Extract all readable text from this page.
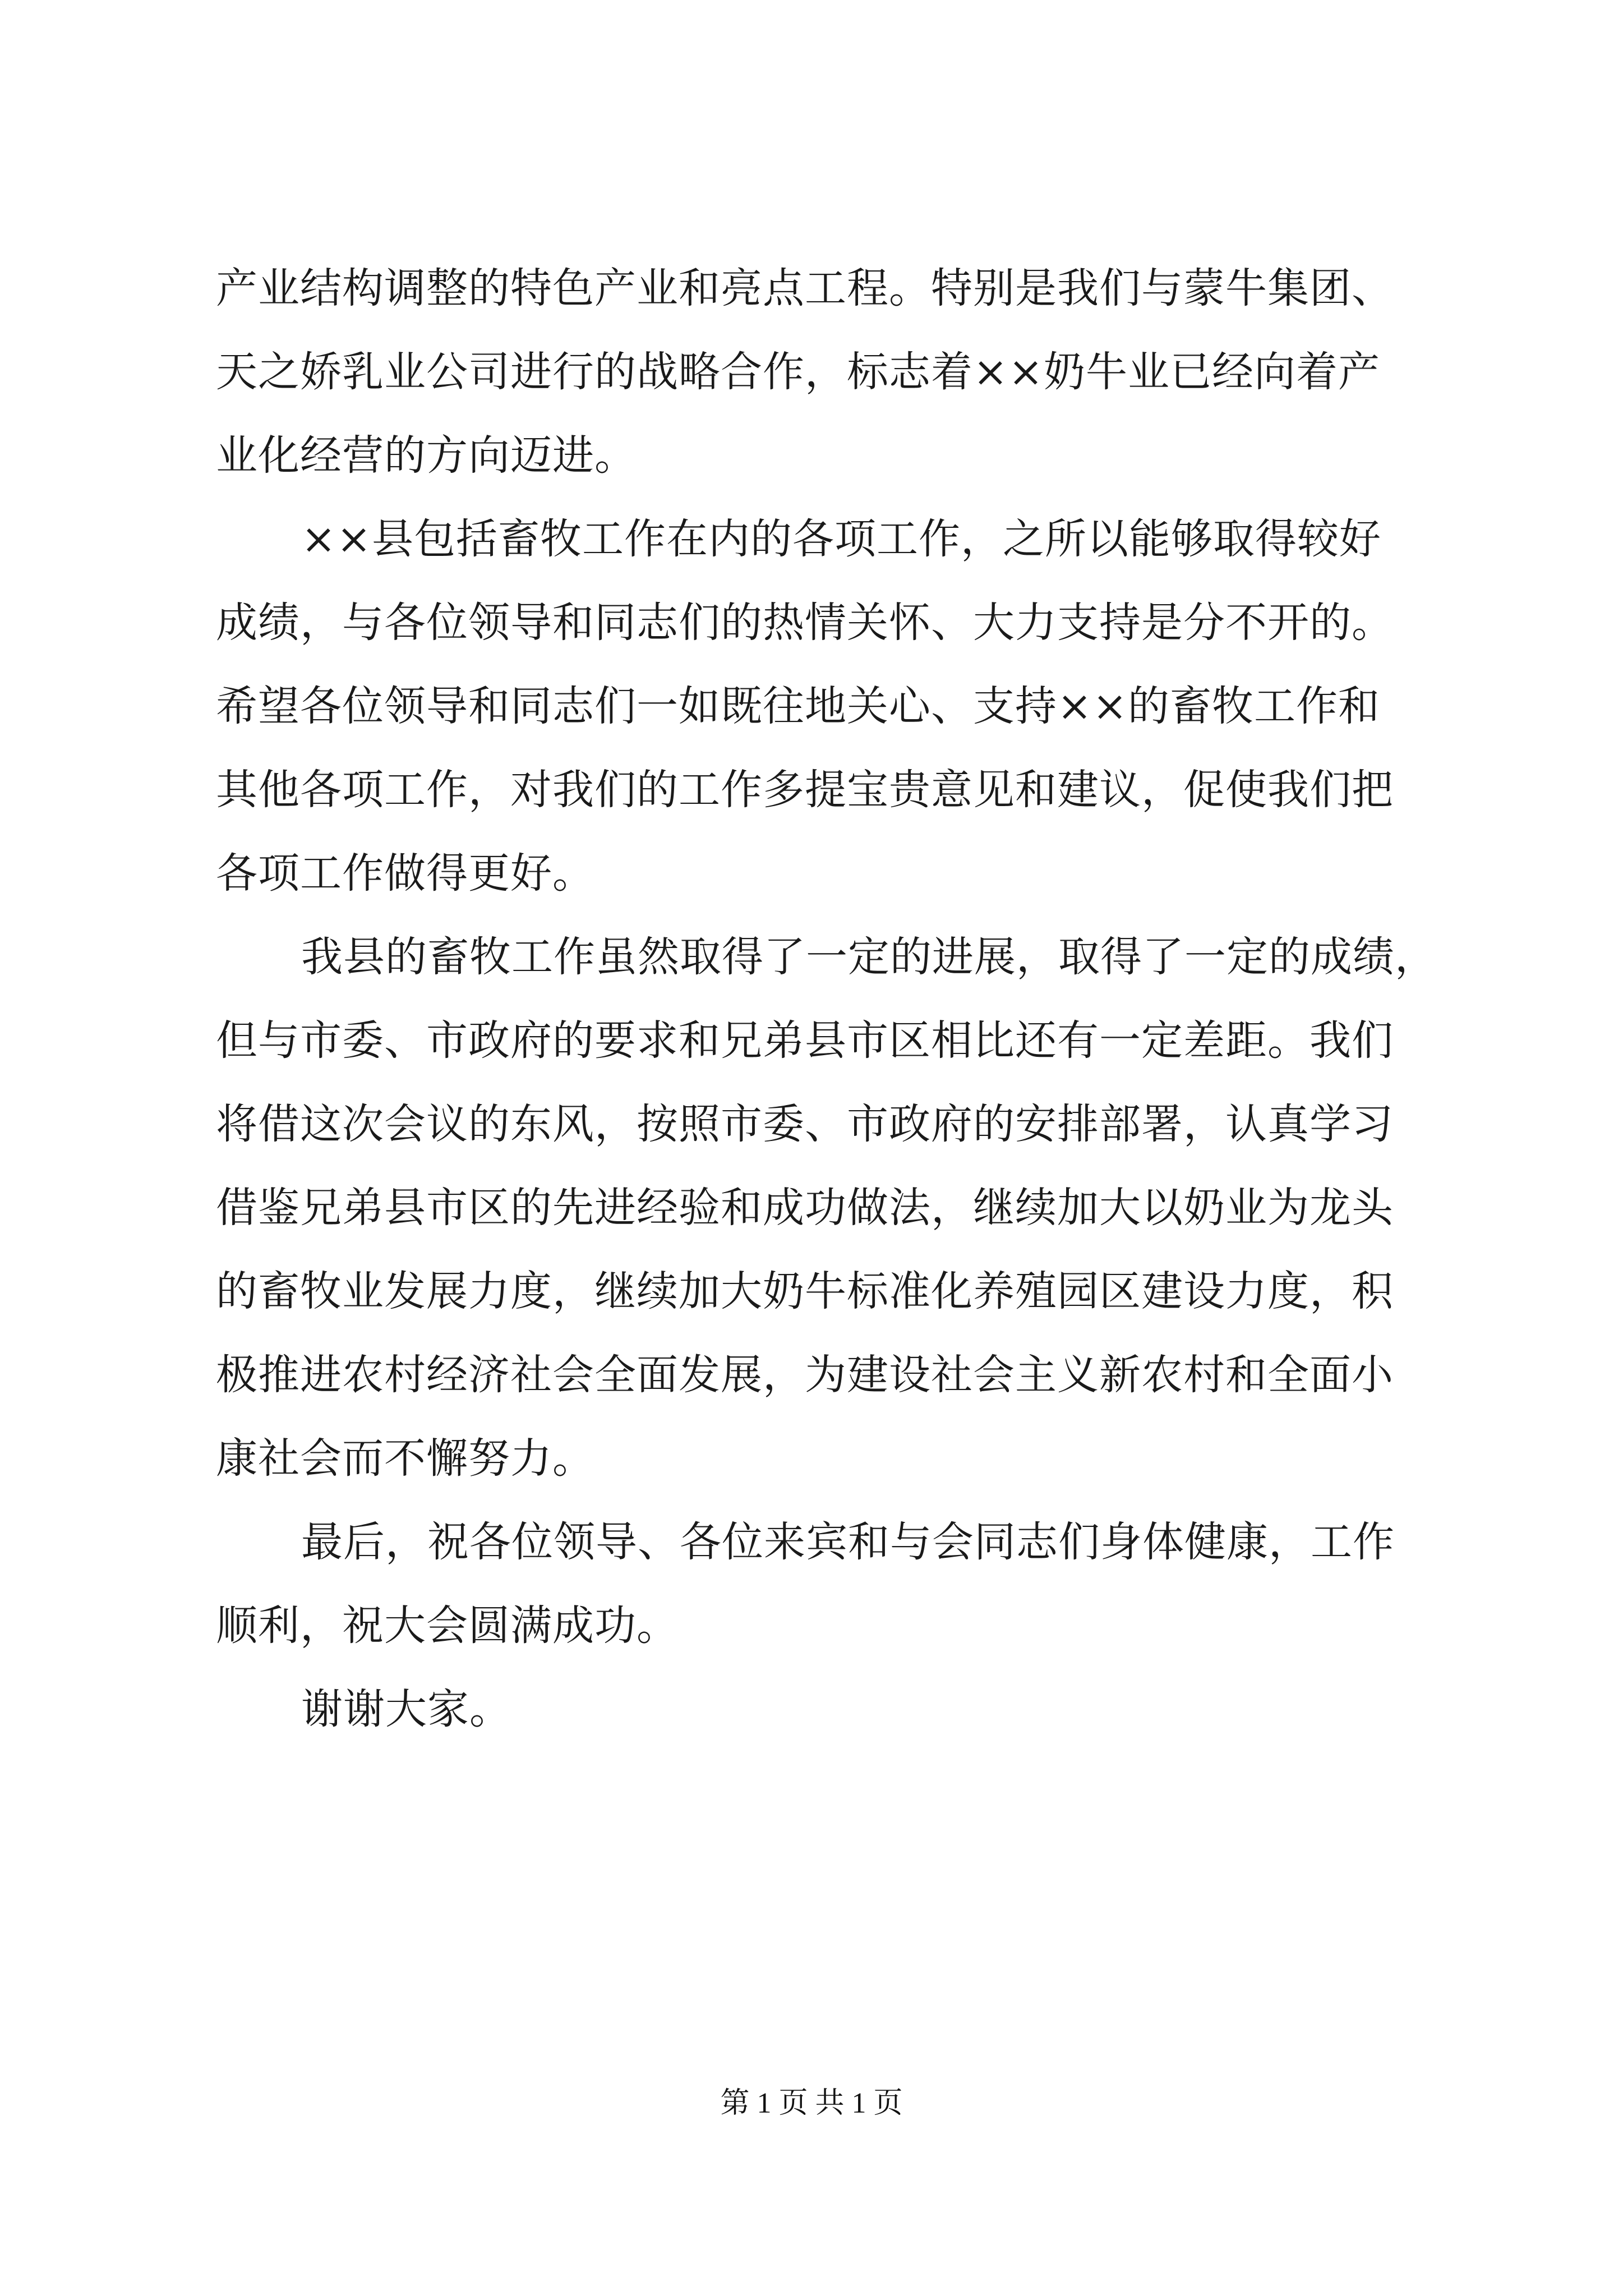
产业结构调整的特色产业和亮点工程。特别是我们与蒙牛集团、
天之娇乳业公司进行的战略合作，标志着××奶牛业已经向着产
业化经营的方向迈进。

××县包括畜牧工作在内的各项工作，之所以能够取得较好
成绩，与各位领导和同志们的热情关怀、大力支持是分不开的。
希望各位领导和同志们一如既往地关心、支持××的畜牧工作和
其他各项工作，对我们的工作多提宝贵意见和建议，促使我们把
各项工作做得更好。

我县的畜牧工作虽然取得了一定的进展，取得了一定的成绩，
但与市委、市政府的要求和兄弟县市区相比还有一定差距。我们
将借这次会议的东风，按照市委、市政府的安排部署，认真学习
借鉴兄弟县市区的先进经验和成功做法，继续加大以奶业为龙头
的畜牧业发展力度，继续加大奶牛标准化养殖园区建设力度，积
极推进农村经济社会全面发展，为建设社会主义新农村和全面小
康社会而不懈努力。

最后，祝各位领导、各位来宾和与会同志们身体健康，工作
顺利，祝大会圆满成功。

谢谢大家。

第 1 页 共 1 页
